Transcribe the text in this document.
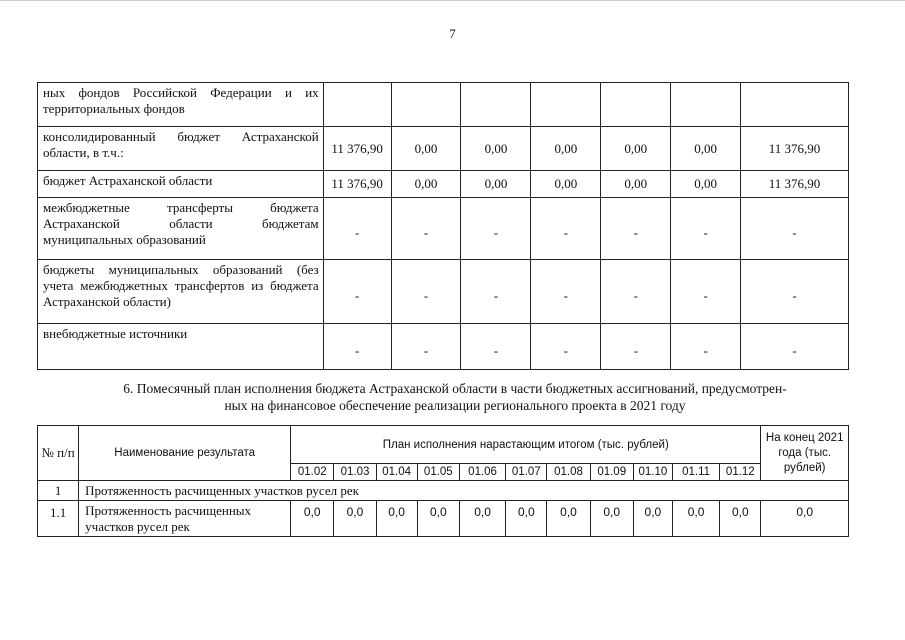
7
ных фондов Российской Федерации и их территориальных фондов							
консолидированный бюджет Астраханской области, в т.ч.:	11 376,90	0,00	0,00	0,00	0,00	0,00	11 376,90
бюджет Астраханской области	11 376,90	0,00	0,00	0,00	0,00	0,00	11 376,90
межбюджетные трансферты бюджета Астраханской области бюджетам муниципальных образований	-	-	-	-	-	-	-
бюджеты муниципальных образований (без учета межбюджетных трансфертов из бюджета Астраханской области)	-	-	-	-	-	-	-
внебюджетные источники	-	-	-	-	-	-	-
6. Помесячный план исполнения бюджета Астраханской области в части бюджетных ассигнований, предусмотрен-
ных на финансовое обеспечение реализации регионального проекта в 2021 году
№ п/п	Наименование результата	План исполнения нарастающим итогом (тыс. рублей)											На конец 2021 года (тыс. рублей)
		01.02	01.03	01.04	01.05	01.06	01.07	01.08	01.09	01.10	01.11	01.12	
1	Протяженность расчищенных участков русел рек												
1.1	Протяженность расчищенных участков русел рек	0,0	0,0	0,0	0,0	0,0	0,0	0,0	0,0	0,0	0,0	0,0	0,0
